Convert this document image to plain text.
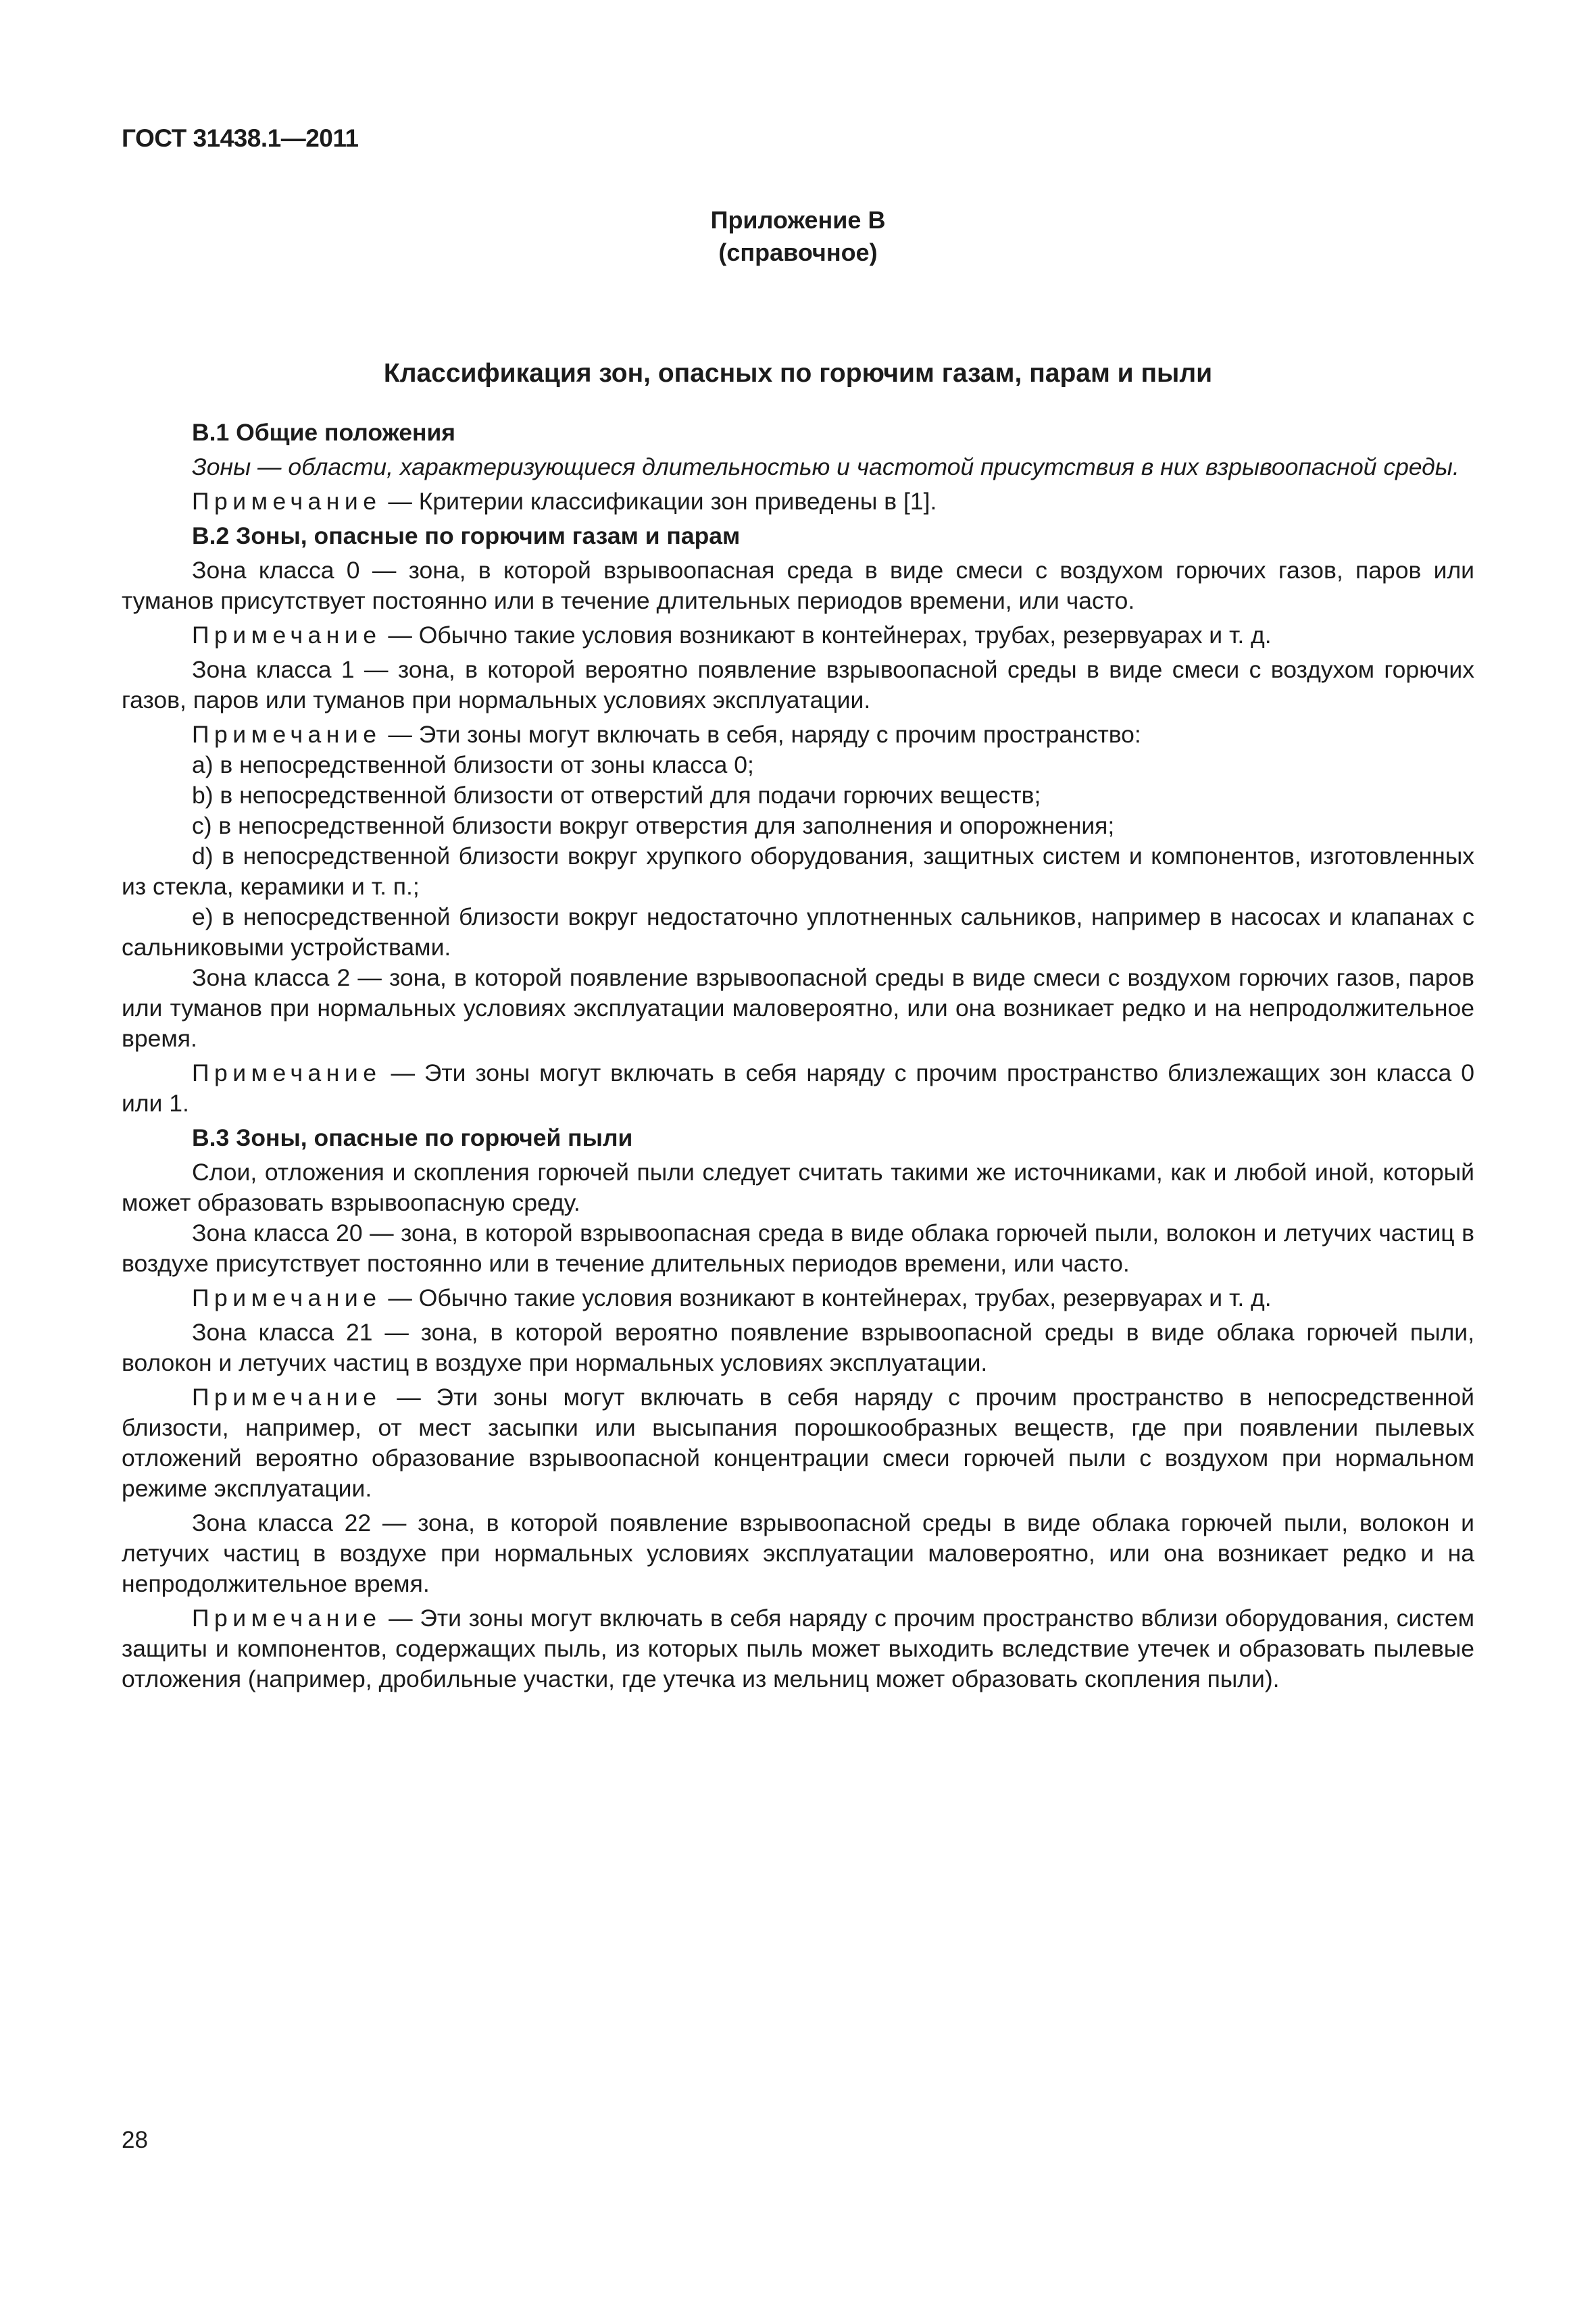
ГОСТ 31438.1—2011
Приложение В
(справочное)
Классификация зон, опасных по горючим газам, парам и пыли

В.1 Общие положения

Зоны — области, характеризующиеся длительностью и частотой присутствия в них взрывоопасной среды.

Примечание — Критерии классификации зон приведены в [1].

В.2 Зоны, опасные по горючим газам и парам

Зона класса 0 — зона, в которой взрывоопасная среда в виде смеси с воздухом горючих газов, паров или туманов присутствует постоянно или в течение длительных периодов времени, или часто.

Примечание — Обычно такие условия возникают в контейнерах, трубах, резервуарах и т. д.

Зона класса 1 — зона, в которой вероятно появление взрывоопасной среды в виде смеси с воздухом горючих газов, паров или туманов при нормальных условиях эксплуатации.

Примечание — Эти зоны могут включать в себя, наряду с прочим пространство:

a) в непосредственной близости от зоны класса 0;

b) в непосредственной близости от отверстий для подачи горючих веществ;

c) в непосредственной близости вокруг отверстия для заполнения и опорожнения;

d) в непосредственной близости вокруг хрупкого оборудования, защитных систем и компонентов, изготовленных из стекла, керамики и т. п.;

e) в непосредственной близости вокруг недостаточно уплотненных сальников, например в насосах и клапанах с сальниковыми устройствами.

Зона класса 2 — зона, в которой появление взрывоопасной среды в виде смеси с воздухом горючих газов, паров или туманов при нормальных условиях эксплуатации маловероятно, или она возникает редко и на непродолжительное время.

Примечание — Эти зоны могут включать в себя наряду с прочим пространство близлежащих зон класса 0 или 1.

В.3 Зоны, опасные по горючей пыли

Слои, отложения и скопления горючей пыли следует считать такими же источниками, как и любой иной, который может образовать взрывоопасную среду.

Зона класса 20 — зона, в которой взрывоопасная среда в виде облака горючей пыли, волокон и летучих частиц в воздухе присутствует постоянно или в течение длительных периодов времени, или часто.

Примечание — Обычно такие условия возникают в контейнерах, трубах, резервуарах и т. д.

Зона класса 21 — зона, в которой вероятно появление взрывоопасной среды в виде облака горючей пыли, волокон и летучих частиц в воздухе при нормальных условиях эксплуатации.

Примечание — Эти зоны могут включать в себя наряду с прочим пространство в непосредственной близости, например, от мест засыпки или высыпания порошкообразных веществ, где при появлении пылевых отложений вероятно образование взрывоопасной концентрации смеси горючей пыли с воздухом при нормальном режиме эксплуатации.

Зона класса 22 — зона, в которой появление взрывоопасной среды в виде облака горючей пыли, волокон и летучих частиц в воздухе при нормальных условиях эксплуатации маловероятно, или она возникает редко и на непродолжительное время.

Примечание — Эти зоны могут включать в себя наряду с прочим пространство вблизи оборудования, систем защиты и компонентов, содержащих пыль, из которых пыль может выходить вследствие утечек и образовать пылевые отложения (например, дробильные участки, где утечка из мельниц может образовать скопления пыли).

28
